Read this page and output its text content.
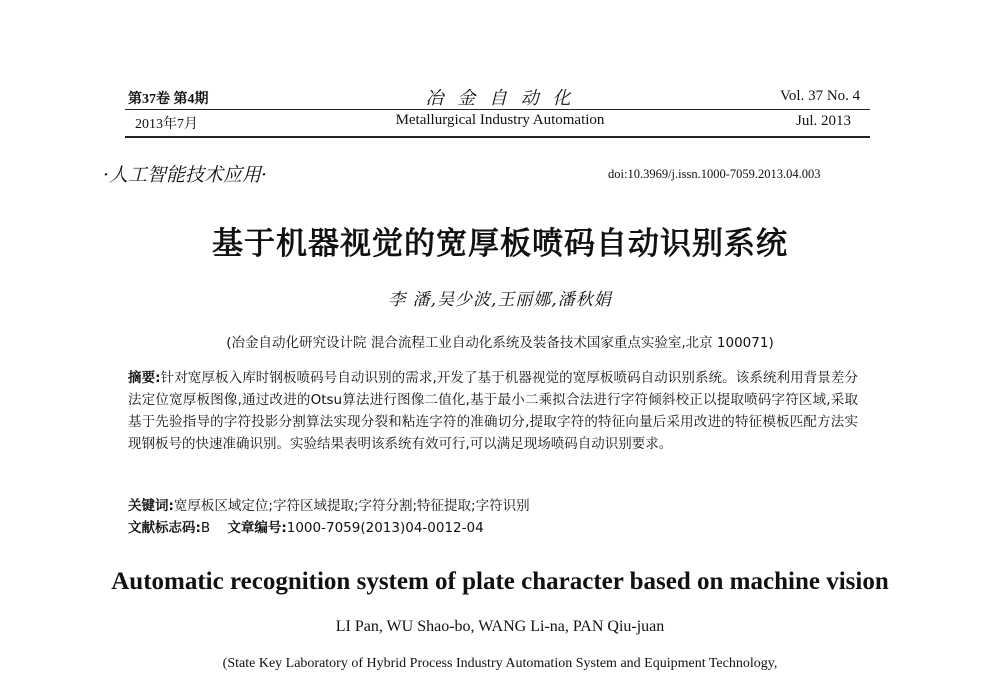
第37卷 第4期
2013年7月
冶 金 自 动 化
Metallurgical Industry Automation
Vol. 37 No. 4
Jul. 2013
·人工智能技术应用·	doi:10.3969/j.issn.1000-7059.2013.04.003
基于机器视觉的宽厚板喷码自动识别系统
李 潘,吴少波,王丽娜,潘秋娟
(冶金自动化研究设计院 混合流程工业自动化系统及装备技术国家重点实验室,北京 100071)
摘要:针对宽厚板入库时钢板喷码号自动识别的需求,开发了基于机器视觉的宽厚板喷码自动识别系统。该系统利用背景差分法定位宽厚板图像,通过改进的Otsu算法进行图像二值化,基于最小二乘拟合法进行字符倾斜校正以提取喷码字符区域,采取基于先验指导的字符投影分割算法实现分裂和粘连字符的准确切分,提取字符的特征向量后采用改进的特征模板匹配方法实现钢板号的快速准确识别。实验结果表明该系统有效可行,可以满足现场喷码自动识别要求。
关键词:宽厚板区域定位;字符区域提取;字符分割;特征提取;字符识别
文献标志码:B 文章编号:1000-7059(2013)04-0012-04
Automatic recognition system of plate character based on machine vision
LI Pan, WU Shao-bo, WANG Li-na, PAN Qiu-juan
(State Key Laboratory of Hybrid Process Industry Automation System and Equipment Technology,
